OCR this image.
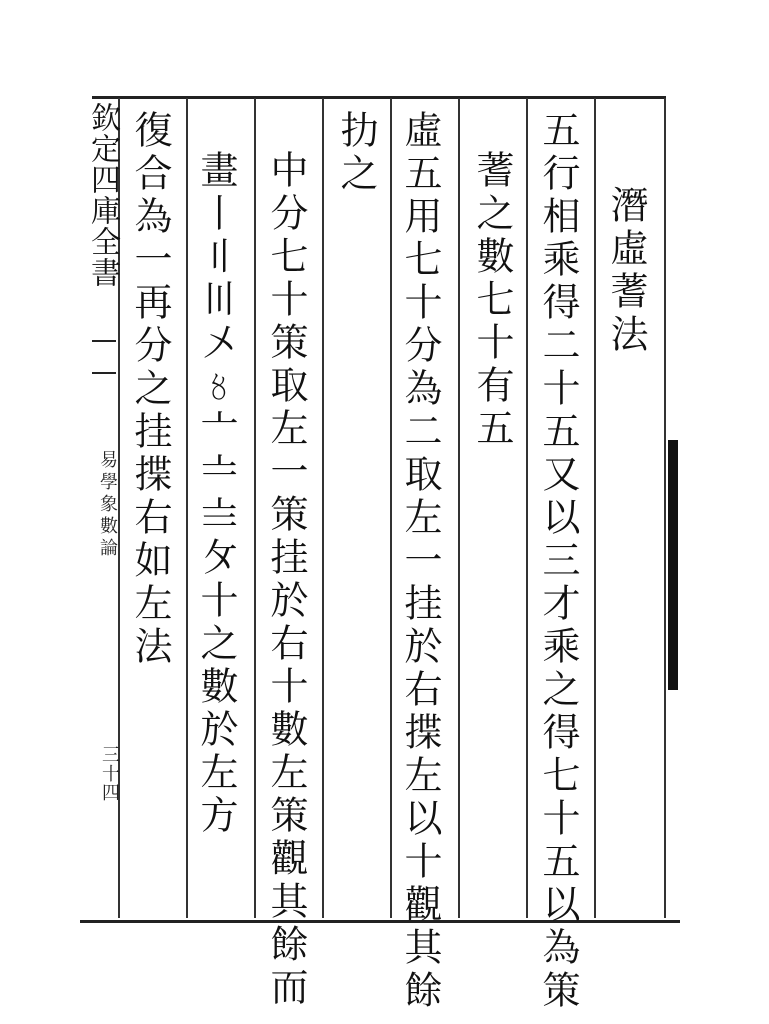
欽定四庫全書
易學象數論
三十四
潛虛蓍法
五行相乘得二十五又以三才乘之得七十五以為策
蓍之數七十有五
虛五用七十分為二取左一挂於右揲左以十觀其餘
扐之
中分七十策取左一策挂於右十數左策觀其餘而
畫丨〢〣〤〥〦〧〨〩十之數於左方
復合為一再分之挂揲右如左法
